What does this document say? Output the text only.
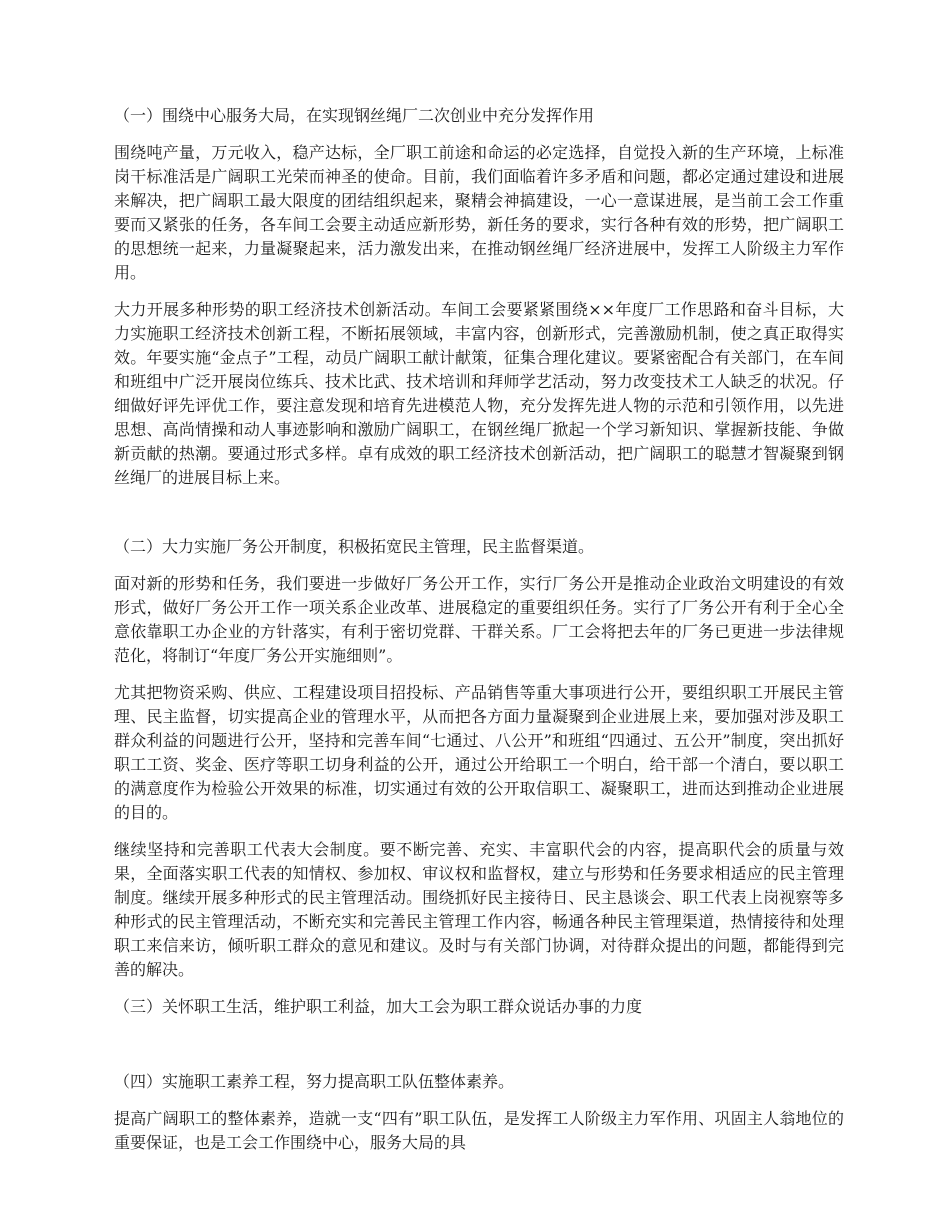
（一）围绕中心服务大局，在实现钢丝绳厂二次创业中充分发挥作用
围绕吨产量，万元收入，稳产达标，全厂职工前途和命运的必定选择，自觉投入新的生产环境，上标准岗干标准活是广阔职工光荣而神圣的使命。目前，我们面临着许多矛盾和问题，都必定通过建设和进展来解决，把广阔职工最大限度的团结组织起来，聚精会神搞建设，一心一意谋进展，是当前工会工作重要而又紧张的任务，各车间工会要主动适应新形势，新任务的要求，实行各种有效的形势，把广阔职工的思想统一起来，力量凝聚起来，活力激发出来，在推动钢丝绳厂经济进展中，发挥工人阶级主力军作用。
大力开展多种形势的职工经济技术创新活动。车间工会要紧紧围绕××年度厂工作思路和奋斗目标，大力实施职工经济技术创新工程，不断拓展领域，丰富内容，创新形式，完善激励机制，使之真正取得实效。年要实施“金点子”工程，动员广阔职工献计献策，征集合理化建议。要紧密配合有关部门，在车间和班组中广泛开展岗位练兵、技术比武、技术培训和拜师学艺活动，努力改变技术工人缺乏的状况。仔细做好评先评优工作，要注意发现和培育先进模范人物，充分发挥先进人物的示范和引领作用，以先进思想、高尚情操和动人事迹影响和激励广阔职工，在钢丝绳厂掀起一个学习新知识、掌握新技能、争做新贡献的热潮。要通过形式多样。卓有成效的职工经济技术创新活动，把广阔职工的聪慧才智凝聚到钢丝绳厂的进展目标上来。
（二）大力实施厂务公开制度，积极拓宽民主管理，民主监督渠道。
面对新的形势和任务，我们要进一步做好厂务公开工作，实行厂务公开是推动企业政治文明建设的有效形式，做好厂务公开工作一项关系企业改革、进展稳定的重要组织任务。实行了厂务公开有利于全心全意依靠职工办企业的方针落实，有利于密切党群、干群关系。厂工会将把去年的厂务已更进一步法律规范化，将制订“年度厂务公开实施细则”。
尤其把物资采购、供应、工程建设项目招投标、产品销售等重大事项进行公开，要组织职工开展民主管理、民主监督，切实提高企业的管理水平，从而把各方面力量凝聚到企业进展上来，要加强对涉及职工群众利益的问题进行公开，坚持和完善车间“七通过、八公开”和班组“四通过、五公开”制度，突出抓好职工工资、奖金、医疗等职工切身利益的公开，通过公开给职工一个明白，给干部一个清白，要以职工的满意度作为检验公开效果的标准，切实通过有效的公开取信职工、凝聚职工，进而达到推动企业进展的目的。
继续坚持和完善职工代表大会制度。要不断完善、充实、丰富职代会的内容，提高职代会的质量与效果，全面落实职工代表的知情权、参加权、审议权和监督权，建立与形势和任务要求相适应的民主管理制度。继续开展多种形式的民主管理活动。围绕抓好民主接待日、民主恳谈会、职工代表上岗视察等多种形式的民主管理活动，不断充实和完善民主管理工作内容，畅通各种民主管理渠道，热情接待和处理职工来信来访，倾听职工群众的意见和建议。及时与有关部门协调，对待群众提出的问题，都能得到完善的解决。
（三）关怀职工生活，维护职工利益，加大工会为职工群众说话办事的力度
（四）实施职工素养工程，努力提高职工队伍整体素养。
提高广阔职工的整体素养，造就一支“四有”职工队伍，是发挥工人阶级主力军作用、巩固主人翁地位的重要保证，也是工会工作围绕中心，服务大局的具
